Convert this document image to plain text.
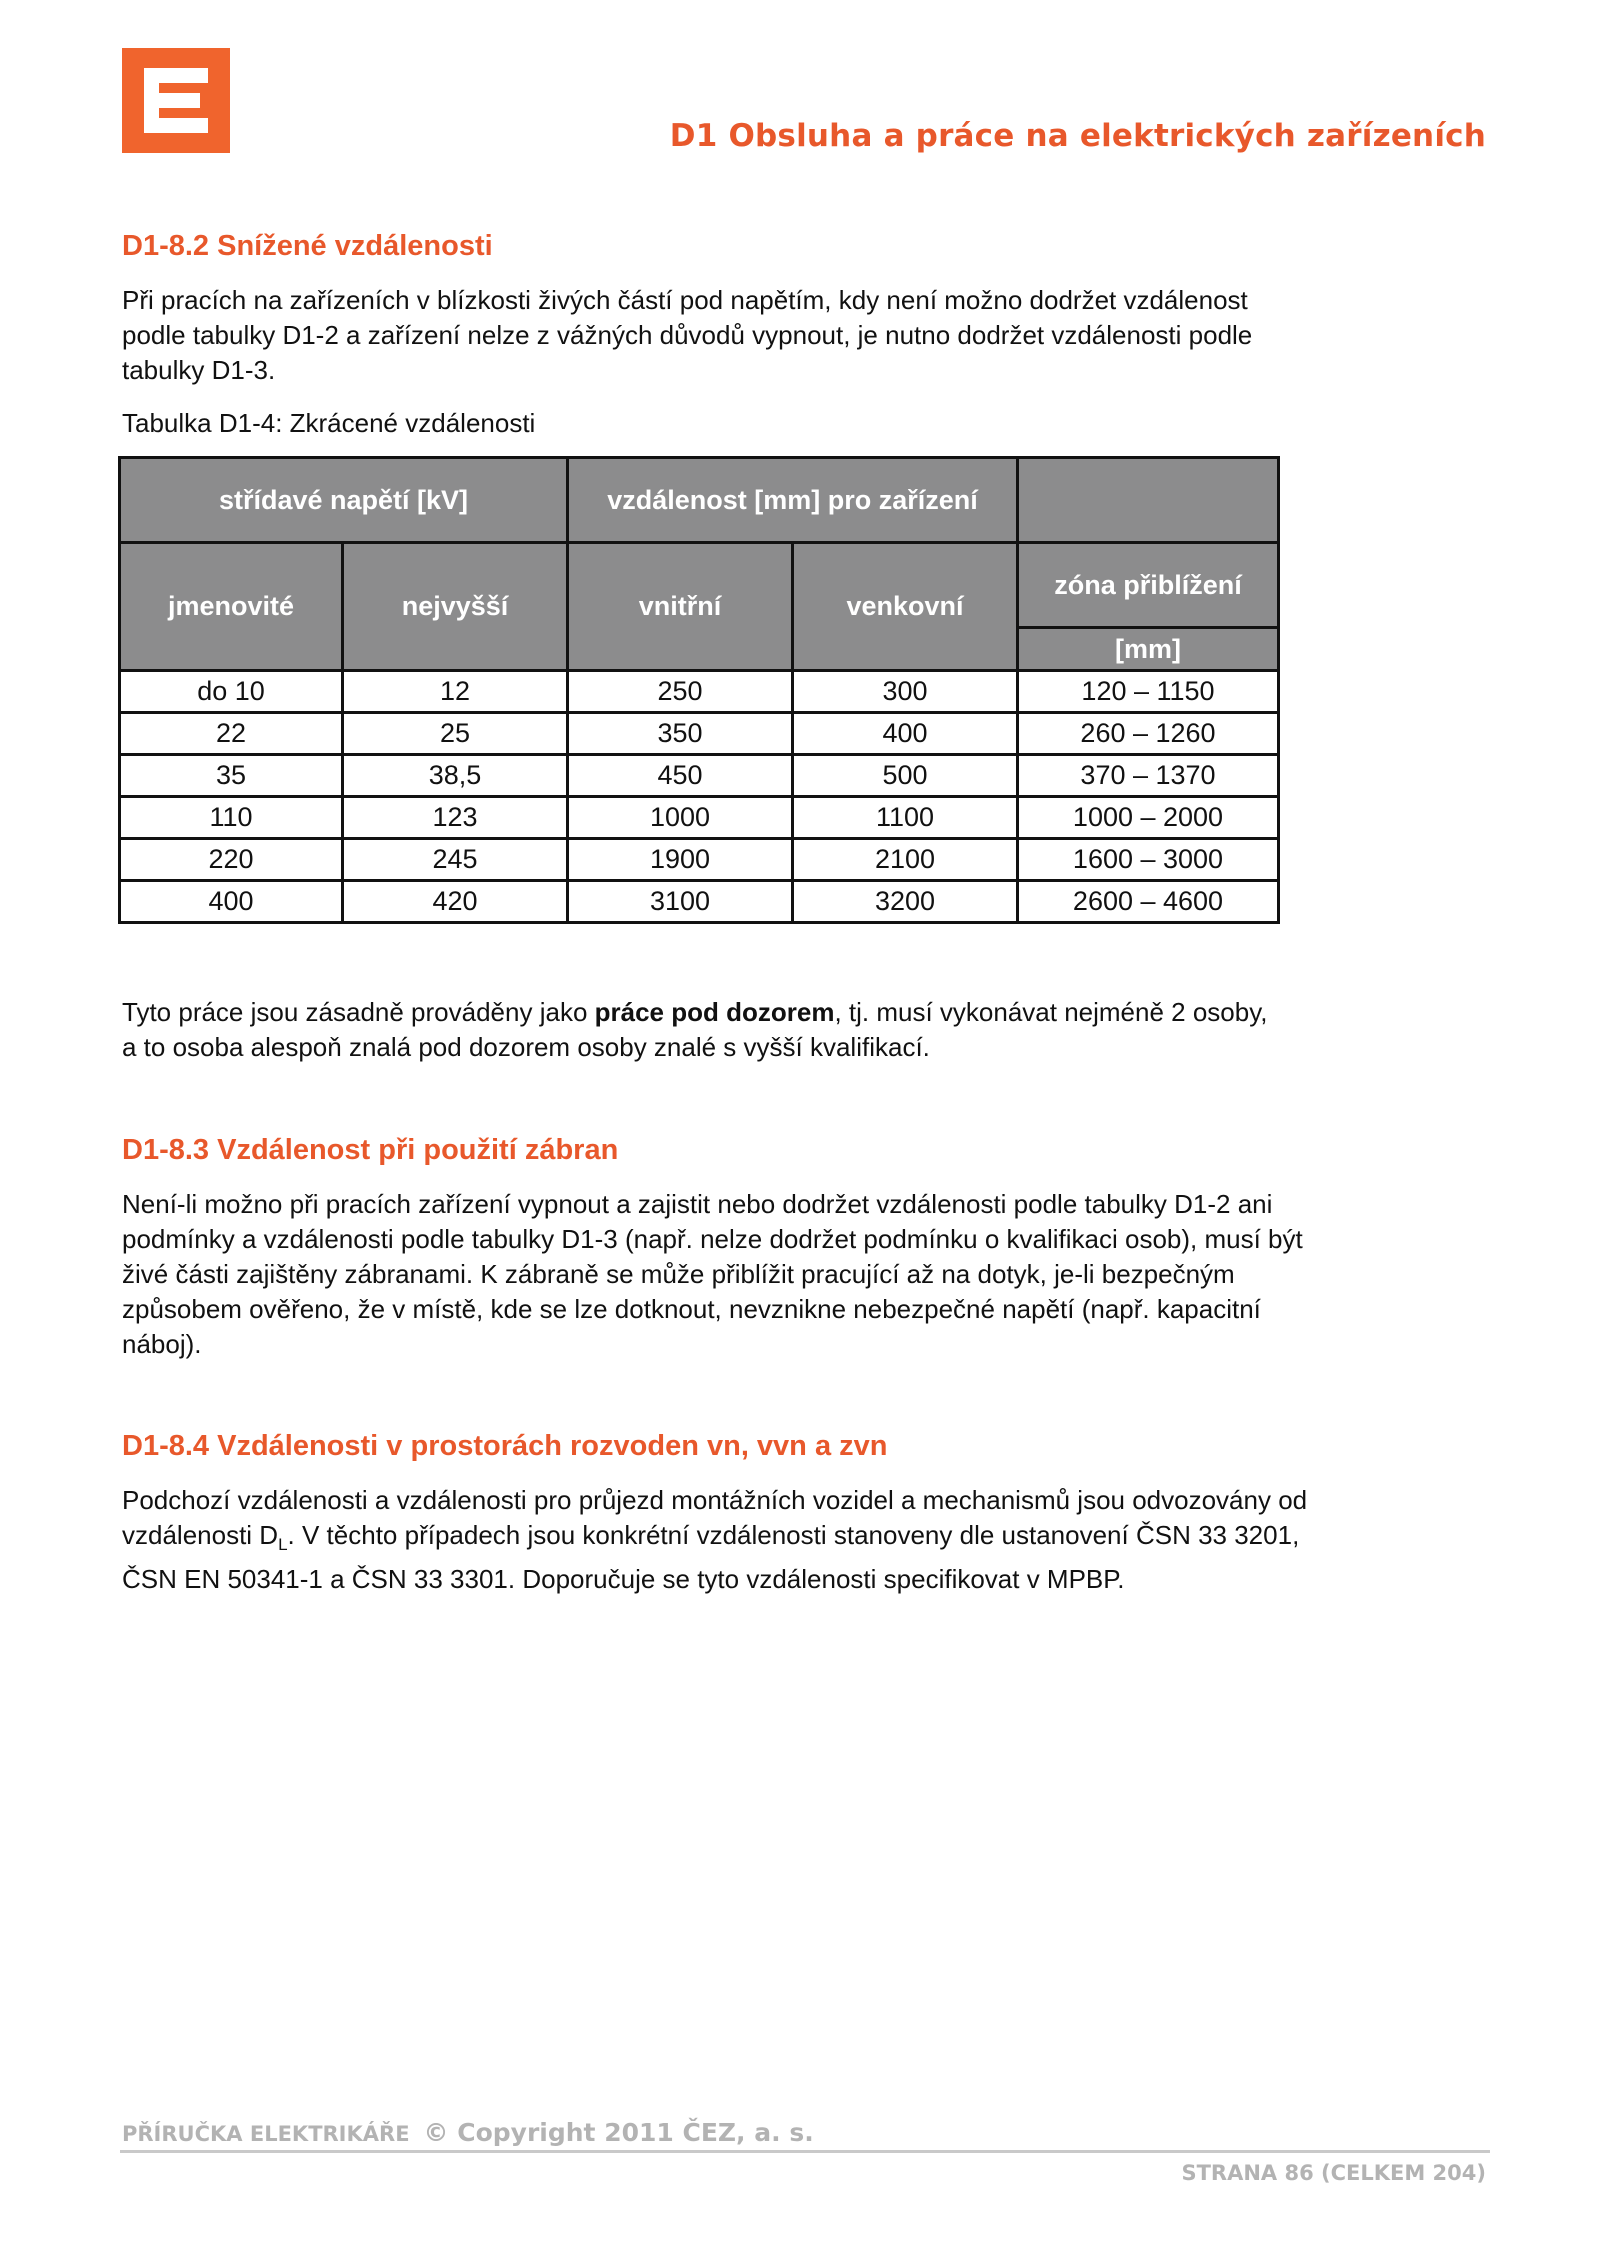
D1 Obsluha a práce na elektrických zařízeních
D1-8.2 Snížené vzdálenosti

Při pracích na zařízeních v blízkosti živých částí pod napětím, kdy není možno dodržet vzdálenost
podle tabulky D1-2 a zařízení nelze z vážných důvodů vypnout, je nutno dodržet vzdálenosti podle
tabulky D1-3.

Tabulka D1-4: Zkrácené vzdálenosti

střídavé napětí [kV]		vzdálenost [mm] pro zařízení		
jmenovité	nejvyšší	vnitřní	venkovní	zóna přiblížení
				[mm]
do 10	12	250	300	120 – 1150
22	25	350	400	260 – 1260
35	38,5	450	500	370 – 1370
110	123	1000	1100	1000 – 2000
220	245	1900	2100	1600 – 3000
400	420	3100	3200	2600 – 4600

Tyto práce jsou zásadně prováděny jako práce pod dozorem, tj. musí vykonávat nejméně 2 osoby,
a to osoba alespoň znalá pod dozorem osoby znalé s vyšší kvalifikací.

D1-8.3 Vzdálenost při použití zábran

Není-li možno při pracích zařízení vypnout a zajistit nebo dodržet vzdálenosti podle tabulky D1-2 ani
podmínky a vzdálenosti podle tabulky D1-3 (např. nelze dodržet podmínku o kvalifikaci osob), musí být
živé části zajištěny zábranami. K zábraně se může přiblížit pracující až na dotyk, je-li bezpečným
způsobem ověřeno, že v místě, kde se lze dotknout, nevznikne nebezpečné napětí (např. kapacitní
náboj).

D1-8.4 Vzdálenosti v prostorách rozvoden vn, vvn a zvn

Podchozí vzdálenosti a vzdálenosti pro průjezd montážních vozidel a mechanismů jsou odvozovány od
vzdálenosti $D_L$. V těchto případech jsou konkrétní vzdálenosti stanoveny dle ustanovení ČSN 33 3201,
ČSN EN 50341-1 a ČSN 33 3301. Doporučuje se tyto vzdálenosti specifikovat v MPBP.

PŘÍRUČKA ELEKTRIKÁŘE © Copyright 2011 ČEZ, a. s.

STRANA 86 (CELKEM 204)
